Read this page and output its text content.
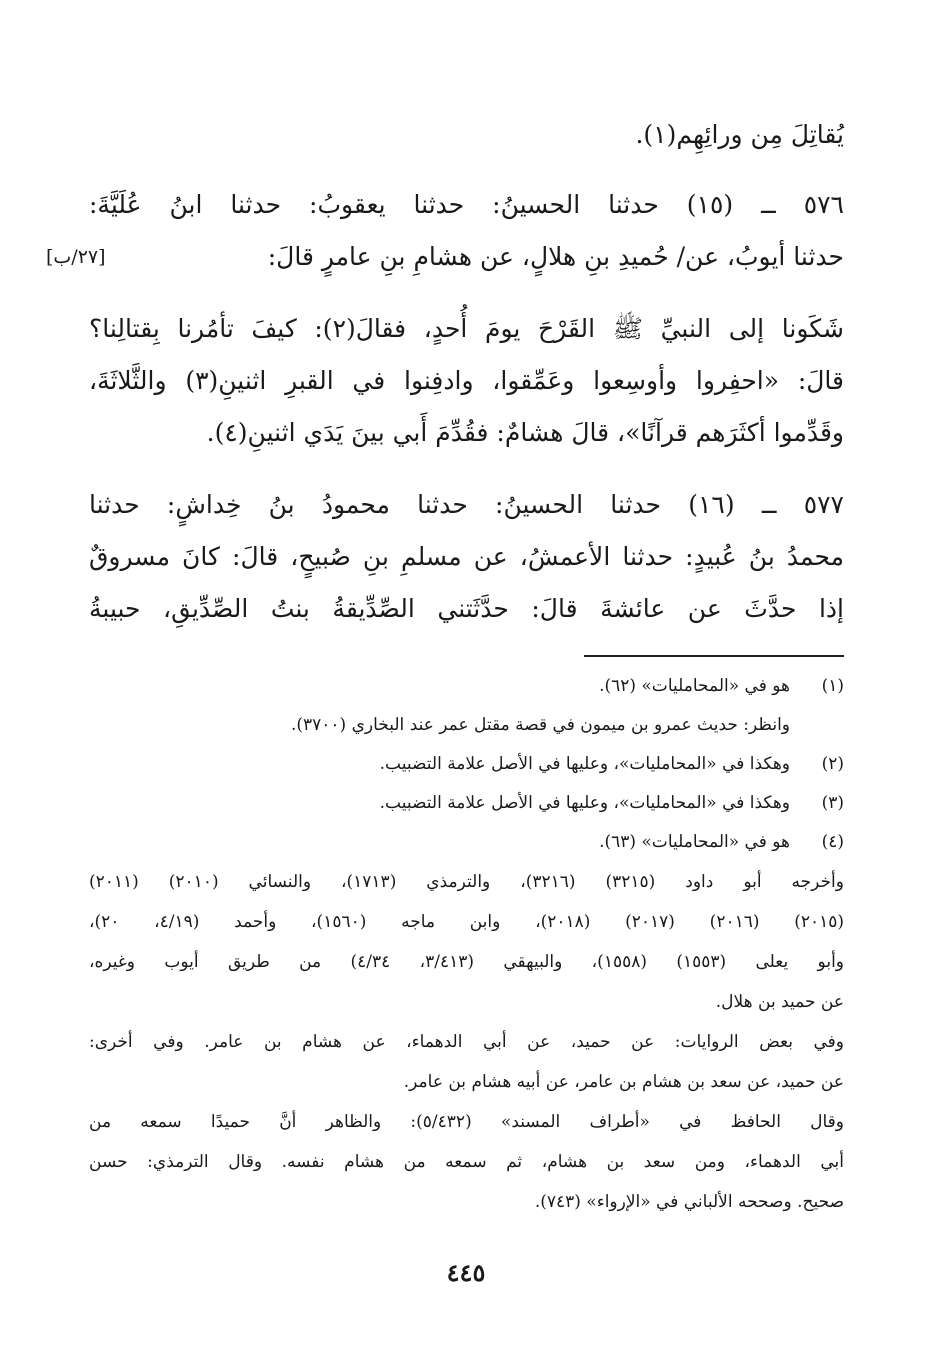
يُقاتِلَ مِن ورائِهِم(١).
٥٧٦ ــ (١٥) حدثنا الحسينُ: حدثنا يعقوبُ: حدثنا ابنُ عُلَيَّةَ:
حدثنا أيوبُ، عن/ حُميدِ بنِ هلالٍ، عن هشامِ بنِ عامرٍ قالَ:
[٢٧/ب]
شَكَونا إلى النبيِّ ﷺ القَرْحَ يومَ أُحدٍ، فقالَ(٢): كيفَ تأمُرنا بِقتالِنا؟
قالَ: «احفِروا وأوسِعوا وعَمِّقوا، وادفِنوا في القبرِ اثنينِ(٣) والثَّلاثَةَ،
وقَدِّموا أكثَرَهم قرآنًا»، قالَ هشامٌ: فقُدِّمَ أَبي بينَ يَدَي اثنينِ(٤).
٥٧٧ ــ (١٦) حدثنا الحسينُ: حدثنا محمودُ بنُ خِداشٍ: حدثنا
محمدُ بنُ عُبيدٍ: حدثنا الأعمشُ، عن مسلمِ بنِ صُبيحٍ، قالَ: كانَ مسروقٌ
إذا حدَّثَ عن عائشةَ قالَ: حدَّثَتني الصِّدِّيقةُ بنتُ الصِّدِّيقِ، حبيبةُ
(١)
هو في «المحامليات» (٦٢).
وانظر: حديث عمرو بن ميمون في قصة مقتل عمر عند البخاري (٣٧٠٠).
(٢)
وهكذا في «المحامليات»، وعليها في الأصل علامة التضبيب.
(٣)
وهكذا في «المحامليات»، وعليها في الأصل علامة التضبيب.
(٤)
هو في «المحامليات» (٦٣).
وأخرجه أبو داود (٣٢١٥) (٣٢١٦)، والترمذي (١٧١٣)، والنسائي (٢٠١٠) (٢٠١١)
(٢٠١٥) (٢٠١٦) (٢٠١٧) (٢٠١٨)، وابن ماجه (١٥٦٠)، وأحمد (٤/١٩، ٢٠)،
وأبو يعلى (١٥٥٣) (١٥٥٨)، والبيهقي (٣/٤١٣، ٤/٣٤) من طريق أيوب وغيره،
عن حميد بن هلال.
وفي بعض الروايات: عن حميد، عن أبي الدهماء، عن هشام بن عامر. وفي أخرى:
عن حميد، عن سعد بن هشام بن عامر، عن أبيه هشام بن عامر.
وقال الحافظ في «أطراف المسند» (٥/٤٣٢): والظاهر أنَّ حميدًا سمعه من
أبي الدهماء، ومن سعد بن هشام، ثم سمعه من هشام نفسه. وقال الترمذي: حسن
صحيح. وصححه الألباني في «الإرواء» (٧٤٣).
٤٤٥
